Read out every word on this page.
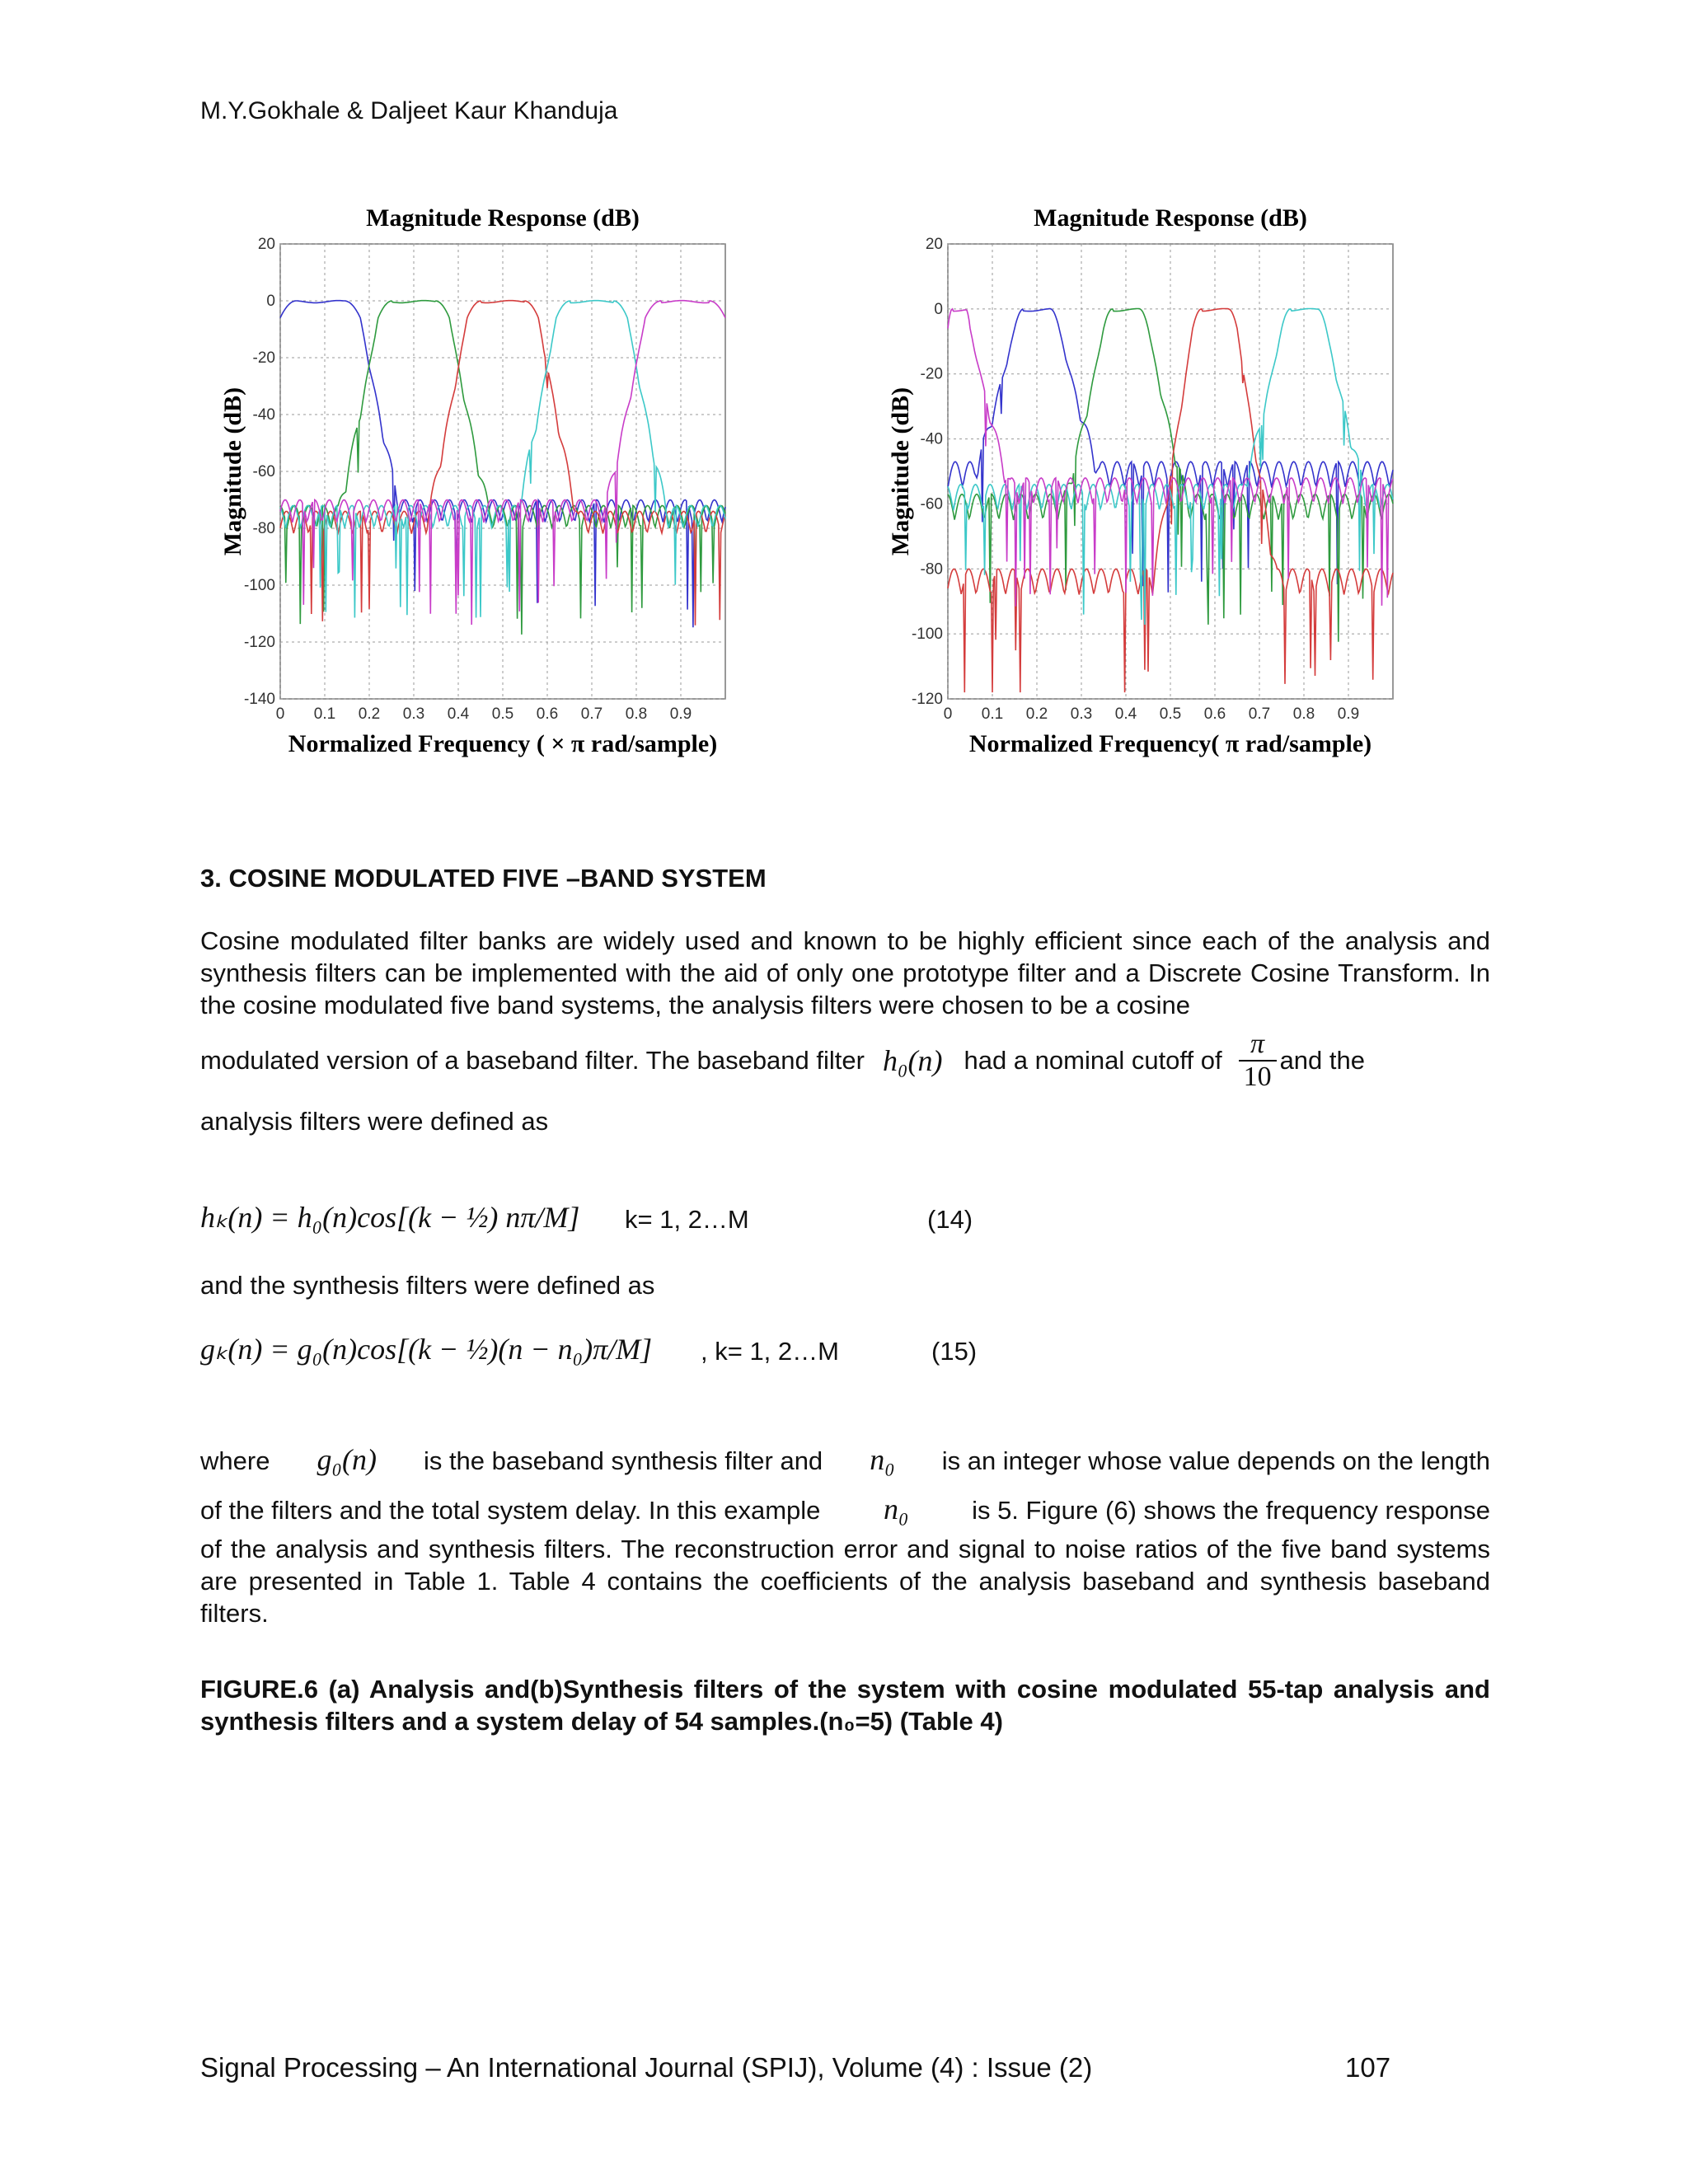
M.Y.Gokhale & Daljeet Kaur Khanduja
Magnitude Response (dB)
20
0
-20
-40
-60
-80
-100
-120
-140
0 0.1 0.2 0.3 0.4 0.5 0.6 0.7 0.8 0.9
Magnitude (dB)
Normalized Frequency ( × π rad/sample)
Magnitude Response (dB)
20
0
-20
-40
-60
-80
-100
-120
0 0.1 0.2 0.3 0.4 0.5 0.6 0.7 0.8 0.9
Magnitude (dB)
Normalized Frequency( π rad/sample)
3. COSINE MODULATED FIVE –BAND SYSTEM
Cosine modulated filter banks are widely used and known to be highly efficient since each of the analysis and synthesis filters can be implemented with the aid of only one prototype filter and a Discrete Cosine Transform. In the cosine modulated five band systems, the analysis filters were chosen to be a cosine
modulated version of a baseband filter. The baseband filter h₀(n) had a nominal cutoff of $\frac{\pi}{10}$ and the
analysis filters were defined as
hₖ(n) = h₀(n)cos[(k − ½) nπ/M] k= 1, 2…M	(14)
and the synthesis filters were defined as
gₖ(n) = g₀(n)cos[(k − ½)(n − n₀)π/M] , k= 1, 2…M	(15)
where g₀(n) is the baseband synthesis filter and n₀ is an integer whose value depends on the length
of the filters and the total system delay. In this example n₀ is 5. Figure (6) shows the frequency response
of the analysis and synthesis filters. The reconstruction error and signal to noise ratios of the five band systems are presented in Table 1. Table 4 contains the coefficients of the analysis baseband and synthesis baseband filters.
FIGURE.6 (a) Analysis and(b)Synthesis filters of the system with cosine modulated 55-tap analysis and synthesis filters and a system delay of 54 samples.(n₀=5) (Table 4)
Signal Processing – An International Journal (SPIJ), Volume (4) : Issue (2)	107
